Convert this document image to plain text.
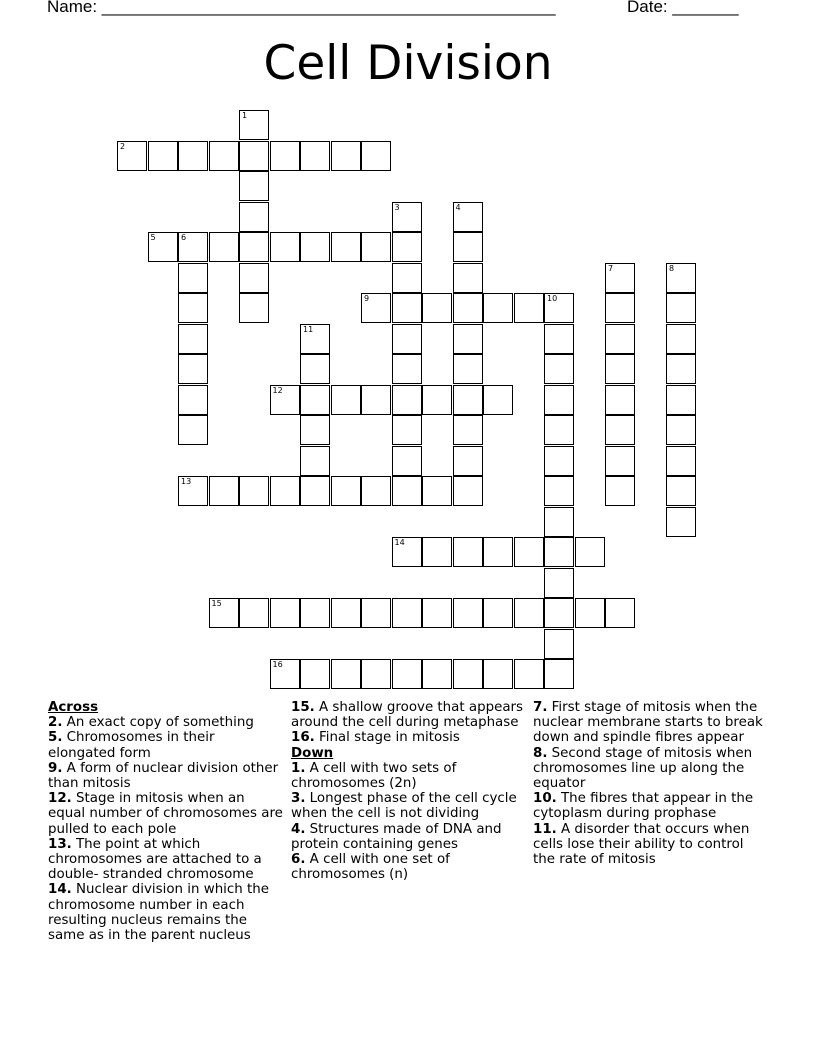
Name: ________________________________________________	Date: _______
Cell Division
1
2
3	4
5	6
7	8
9	10
11
12
13
14
15
16
Across
2. An exact copy of something
5. Chromosomes in their elongated form
9. A form of nuclear division other than mitosis
12. Stage in mitosis when an equal number of chromosomes are pulled to each pole
13. The point at which chromosomes are attached to a double- stranded chromosome
14. Nuclear division in which the chromosome number in each resulting nucleus remains the same as in the parent nucleus
15. A shallow groove that appears around the cell during metaphase
16. Final stage in mitosis
Down
1. A cell with two sets of chromosomes (2n)
3. Longest phase of the cell cycle when the cell is not dividing
4. Structures made of DNA and protein containing genes
6. A cell with one set of chromosomes (n)
7. First stage of mitosis when the nuclear membrane starts to break down and spindle fibres appear
8. Second stage of mitosis when chromosomes line up along the equator
10. The fibres that appear in the cytoplasm during prophase
11. A disorder that occurs when cells lose their ability to control the rate of mitosis
